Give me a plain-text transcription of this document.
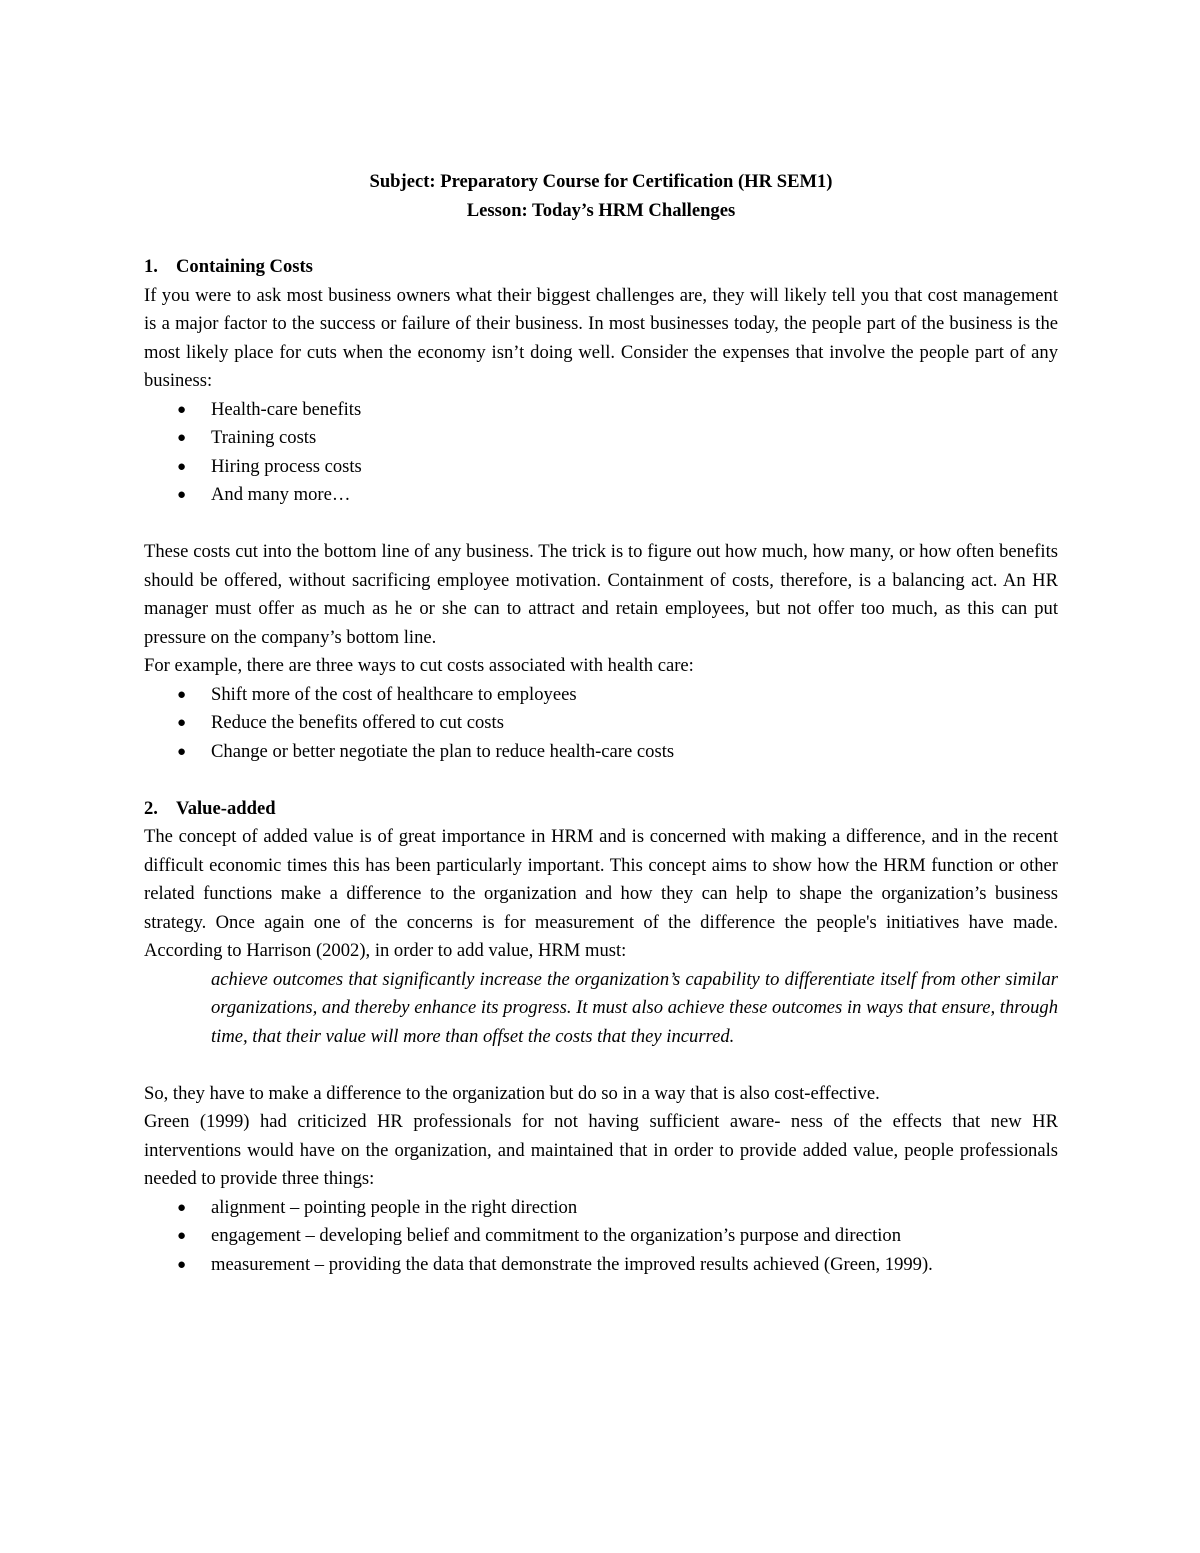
Subject: Preparatory Course for Certification (HR SEM1)
Lesson: Today’s HRM Challenges
1. Containing Costs

If you were to ask most business owners what their biggest challenges are, they will likely tell you that cost management is a major factor to the success or failure of their business. In most businesses today, the people part of the business is the most likely place for cuts when the economy isn’t doing well. Consider the expenses that involve the people part of any business:

● Health-care benefits
● Training costs
● Hiring process costs
● And many more…

These costs cut into the bottom line of any business. The trick is to figure out how much, how many, or how often benefits should be offered, without sacrificing employee motivation. Containment of costs, therefore, is a balancing act. An HR manager must offer as much as he or she can to attract and retain employees, but not offer too much, as this can put pressure on the company’s bottom line.

For example, there are three ways to cut costs associated with health care:

● Shift more of the cost of healthcare to employees
● Reduce the benefits offered to cut costs
● Change or better negotiate the plan to reduce health-care costs
2. Value-added

The concept of added value is of great importance in HRM and is concerned with making a difference, and in the recent difficult economic times this has been particularly important. This concept aims to show how the HRM function or other related functions make a difference to the organization and how they can help to shape the organization’s business strategy. Once again one of the concerns is for measurement of the difference the people's initiatives have made. According to Harrison (2002), in order to add value, HRM must:

achieve outcomes that significantly increase the organization’s capability to differentiate itself from other similar organizations, and thereby enhance its progress. It must also achieve these outcomes in ways that ensure, through time, that their value will more than offset the costs that they incurred.

So, they have to make a difference to the organization but do so in a way that is also cost-effective.

Green (1999) had criticized HR professionals for not having sufficient aware- ness of the effects that new HR interventions would have on the organization, and maintained that in order to provide added value, people professionals needed to provide three things:

● alignment – pointing people in the right direction
● engagement – developing belief and commitment to the organization’s purpose and direction
● measurement – providing the data that demonstrate the improved results achieved (Green, 1999).
